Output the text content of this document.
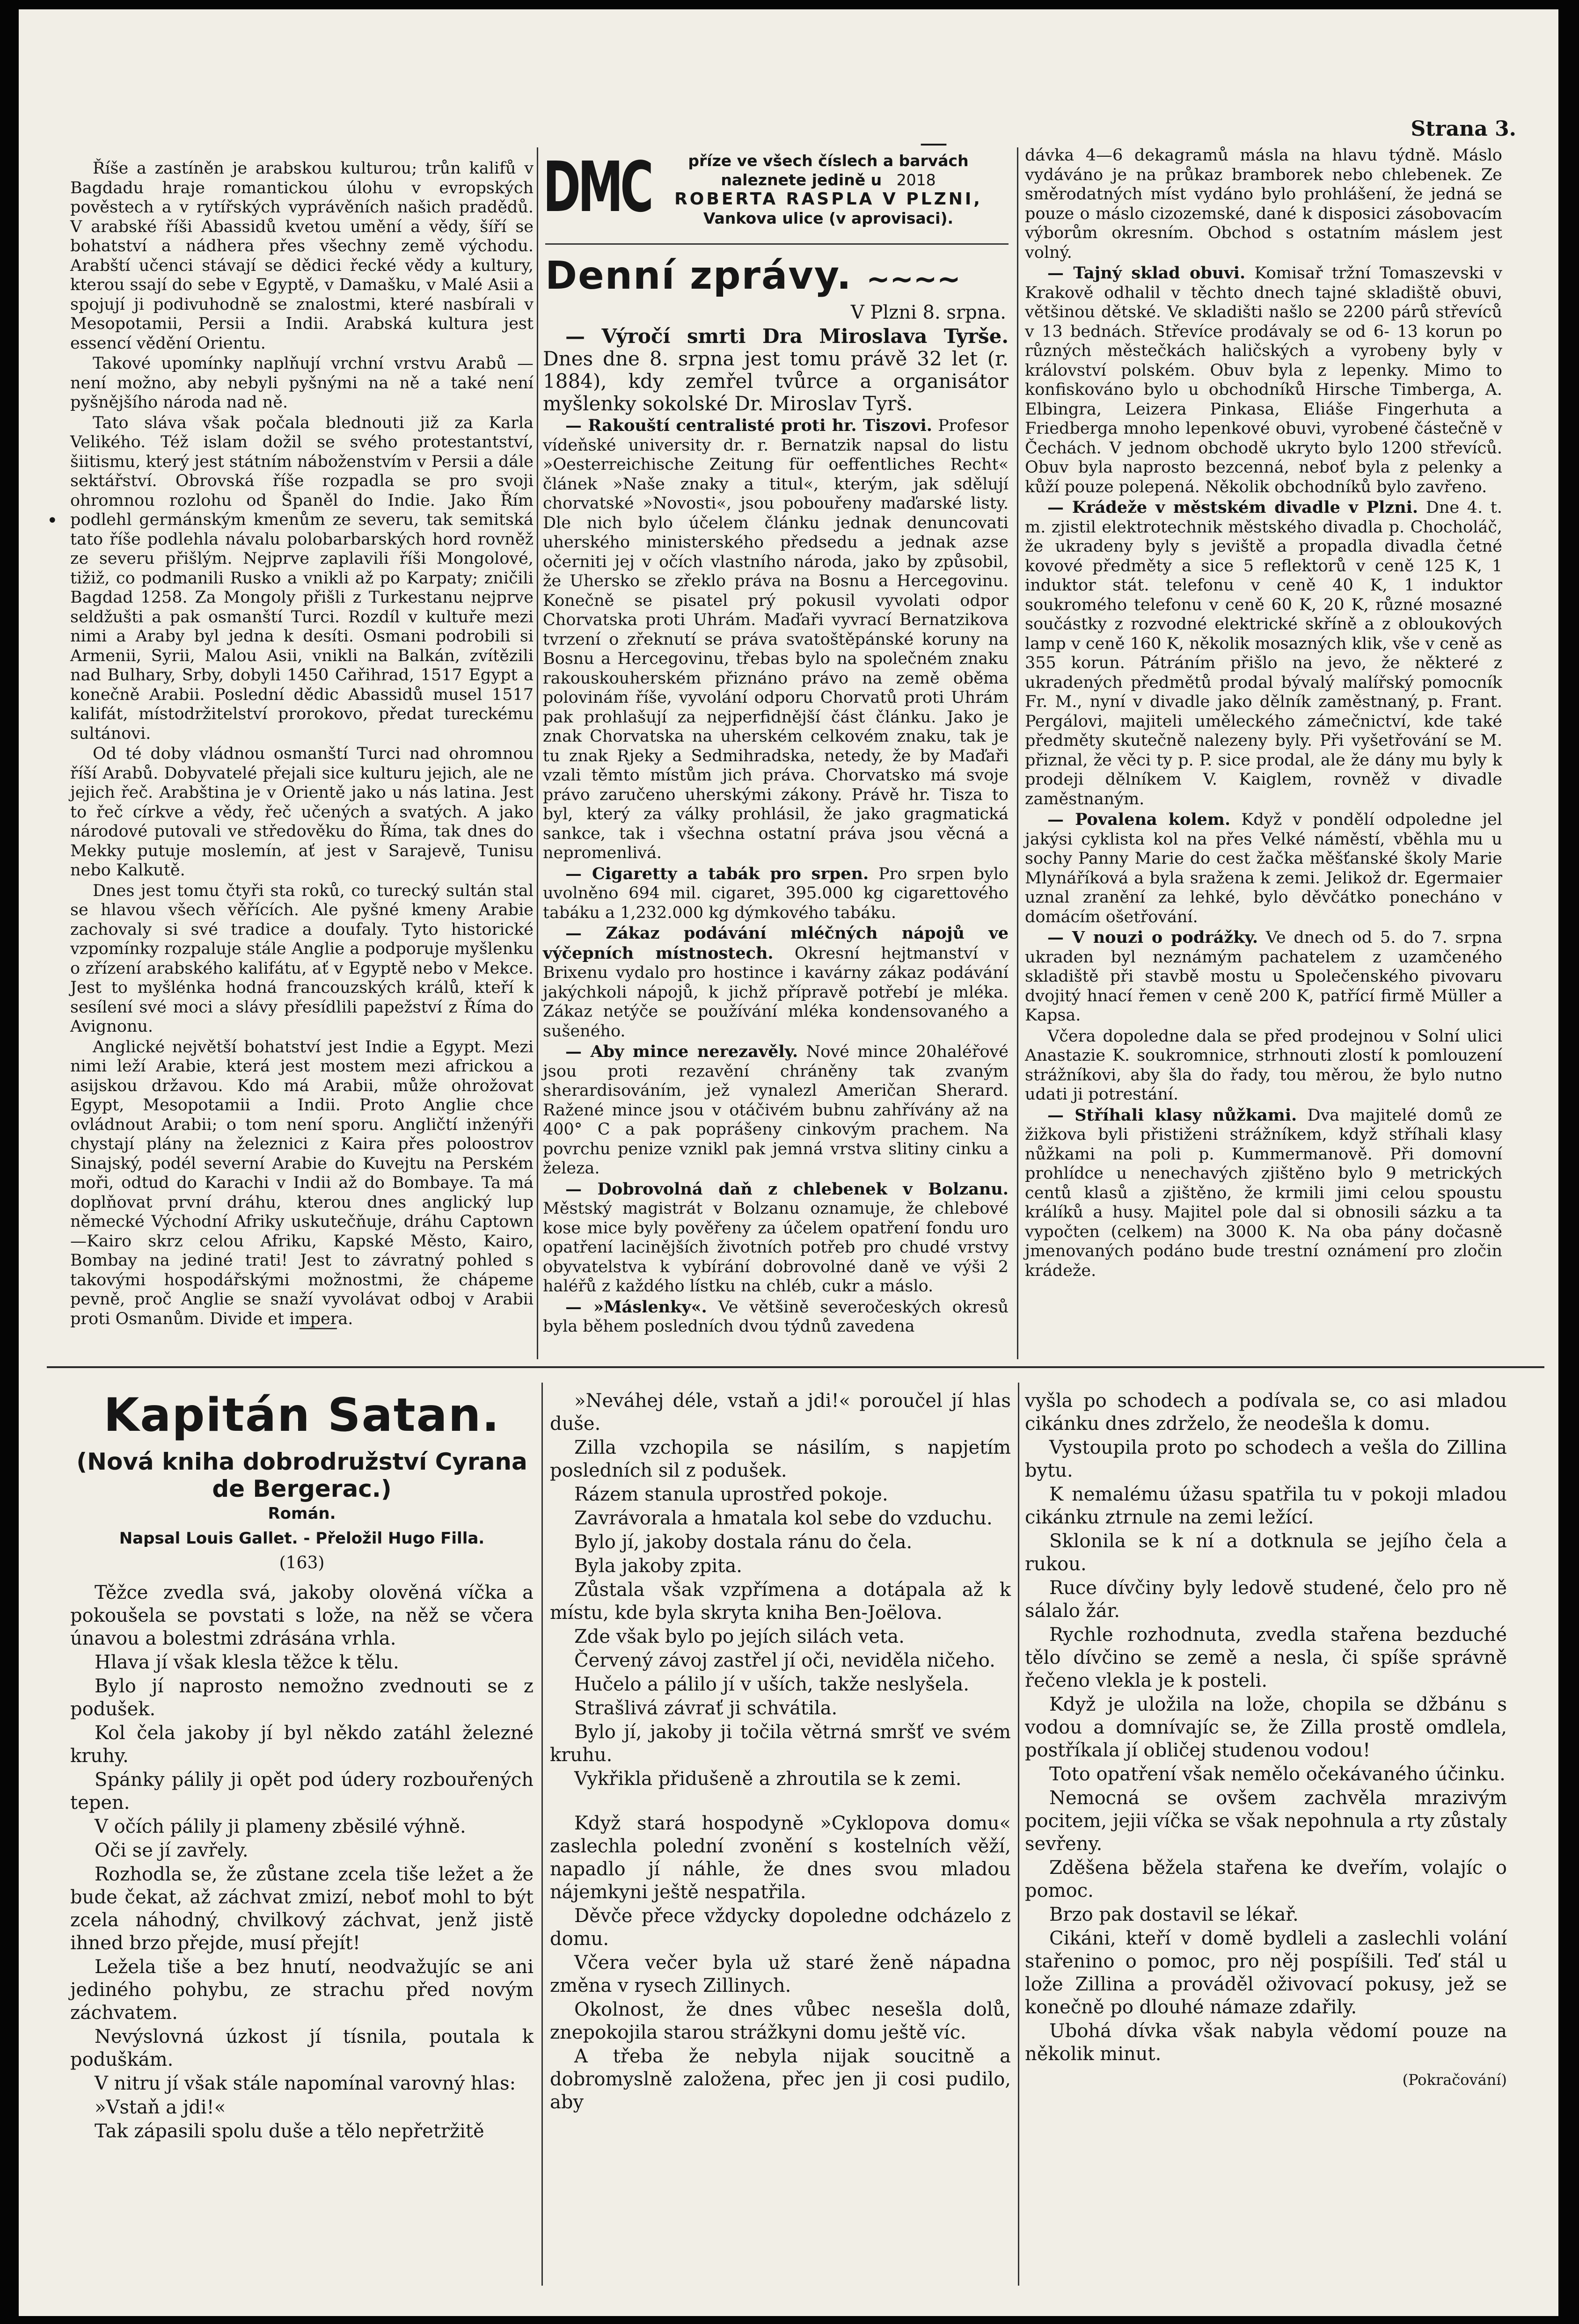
Strana 3.

Říše a zastíněn je arabskou kulturou; trůn kalifů v Bagdadu hraje romantickou úlohu v evropských pověstech a v rytířských vyprávěních našich pradědů. V arabské říši Abassidů kvetou umění a vědy, šíří se bohatství a nádhera přes všechny země východu. Arabští učenci stávají se dědici řecké vědy a kultury, kterou ssají do sebe v Egyptě, v Damašku, v Malé Asii a spojují ji podivuhodně se znalostmi, které nasbírali v Mesopotamii, Persii a Indii. Arabská kultura jest essencí vědění Orientu.

Takové upomínky naplňují vrchní vrstvu Arabů — není možno, aby nebyli pyšnými na ně a také není pyšnějšího národa nad ně.

Tato sláva však počala blednouti již za Karla Velikého. Též islam dožil se svého protestantství, šiitismu, který jest státním náboženstvím v Persii a dále sektářství. Obrovská říše rozpadla se pro svoji ohromnou rozlohu od Španěl do Indie. Jako Řím podlehl germánským kmenům ze severu, tak semitská tato říše podlehla návalu polobarbarských hord rovněž ze severu přišlým. Nejprve zaplavili říši Mongolové, tižiž, co podmanili Rusko a vnikli až po Karpaty; zničili Bagdad 1258. Za Mongoly přišli z Turkestanu nejprve seldžušti a pak osmanští Turci. Rozdíl v kultuře mezi nimi a Araby byl jedna k desíti. Osmani podrobili si Armenii, Syrii, Malou Asii, vnikli na Balkán, zvítězili nad Bulhary, Srby, dobyli 1450 Cařihrad, 1517 Egypt a konečně Arabii. Poslední dědic Abassidů musel 1517 kalifát, místodržitelství prorokovo, předat tureckému sultánovi.

Od té doby vládnou osmanští Turci nad ohromnou říší Arabů. Dobyvatelé přejali sice kulturu jejich, ale ne jejich řeč. Arabština je v Orientě jako u nás latina. Jest to řeč církve a vědy, řeč učených a svatých. A jako národové putovali ve středověku do Říma, tak dnes do Mekky putuje moslemín, ať jest v Sarajevě, Tunisu nebo Kalkutě.

Dnes jest tomu čtyři sta roků, co turecký sultán stal se hlavou všech věřících. Ale pyšné kmeny Arabie zachovaly si své tradice a doufaly. Tyto historické vzpomínky rozpaluje stále Anglie a podporuje myšlenku o zřízení arabského kalifátu, ať v Egyptě nebo v Mekce. Jest to myšlénka hodná francouzských králů, kteří k sesílení své moci a slávy přesídlili papežství z Říma do Avignonu.

Anglické největší bohatství jest Indie a Egypt. Mezi nimi leží Arabie, která jest mostem mezi africkou a asijskou državou. Kdo má Arabii, může ohrožovat Egypt, Mesopotamii a Indii. Proto Anglie chce ovládnout Arabii; o tom není sporu. Angličtí inženýři chystají plány na železnici z Kaira přes poloostrov Sinajský, podél severní Arabie do Kuvejtu na Perském moři, odtud do Karachi v Indii až do Bombaye. Ta má doplňovat první dráhu, kterou dnes anglický lup německé Východní Afriky uskutečňuje, dráhu Captown—Kairo skrz celou Afriku, Kapské Město, Kairo, Bombay na jediné trati! Jest to závratný pohled s takovými hospodářskými možnostmi, že chápeme pevně, proč Anglie se snaží vyvolávat odboj v Arabii proti Osmanům. Divide et impera.

DMC	příze ve všech číslech a barvách
naleznete jedině u 2018
ROBERTA RASPLA V PLZNI,
Vankova ulice (v aprovisaci).
Denní zprávy. ~~~~
V Plzni 8. srpna.

— Výročí smrti Dra Miroslava Tyrše. Dnes dne 8. srpna jest tomu právě 32 let (r. 1884), kdy zemřel tvůrce a organisátor myšlenky sokolské Dr. Miroslav Tyrš.

— Rakouští centralisté proti hr. Tiszovi. Profesor vídeňské university dr. r. Bernatzik napsal do listu »Oesterreichische Zeitung für oeffentliches Recht« článek »Naše znaky a titul«, kterým, jak sdělují chorvatské »Novosti«, jsou pobouřeny maďarské listy. Dle nich bylo účelem článku jednak denuncovati uherského ministerského předsedu a jednak azse očerniti jej v očích vlastního národa, jako by způsobil, že Uhersko se zřeklo práva na Bosnu a Hercegovinu. Konečně se pisatel prý pokusil vyvolati odpor Chorvatska proti Uhrám. Maďaři vyvrací Bernatzikova tvrzení o zřeknutí se práva svatoštěpánské koruny na Bosnu a Hercegovinu, třebas bylo na společném znaku rakouskouherském přiznáno právo na země oběma polovinám říše, vyvolání odporu Chorvatů proti Uhrám pak prohlašují za nejperfidnější část článku. Jako je znak Chorvatska na uherském celkovém znaku, tak je tu znak Rjeky a Sedmihradska, netedy, že by Maďaři vzali těmto místům jich práva. Chorvatsko má svoje právo zaručeno uherskými zákony. Právě hr. Tisza to byl, který za války prohlásil, že jako gragmatická sankce, tak i všechna ostatní práva jsou věcná a nepromenlivá.

— Cigaretty a tabák pro srpen. Pro srpen bylo uvolněno 694 mil. cigaret, 395.000 kg cigarettového tabáku a 1,232.000 kg dýmkového tabáku.

— Zákaz podávání mléčných nápojů ve výčepních místnostech. Okresní hejtmanství v Brixenu vydalo pro hostince i kavárny zákaz podávání jakýchkoli nápojů, k jichž přípravě potřebí je mléka. Zákaz netýče se používání mléka kondensovaného a sušeného.

— Aby mince nerezavěly. Nové mince 20haléřové jsou proti rezavění chráněny tak zvaným sherardisováním, jež vynalezl Američan Sherard. Ražené mince jsou v otáčivém bubnu zahřívány až na 400° C a pak poprášeny cinkovým prachem. Na povrchu penize vznikl pak jemná vrstva slitiny cinku a železa.

— Dobrovolná daň z chlebenek v Bolzanu. Městský magistrát v Bolzanu oznamuje, že chlebové kose mice byly pověřeny za účelem opatření fondu uro opatření lacinějších životních potřeb pro chudé vrstvy obyvatelstva k vybírání dobrovolné daně ve výši 2 haléřů z každého lístku na chléb, cukr a máslo.

— »Máslenky«. Ve většině severočeských okresů byla během posledních dvou týdnů zavedena

dávka 4—6 dekagramů másla na hlavu týdně. Máslo vydáváno je na průkaz bramborek nebo chlebenek. Ze směrodatných míst vydáno bylo prohlášení, že jedná se pouze o máslo cizozemské, dané k disposici zásobovacím výborům okresním. Obchod s ostatním máslem jest volný.

— Tajný sklad obuvi. Komisař tržní Tomaszevski v Krakově odhalil v těchto dnech tajné skladiště obuvi, většinou dětské. Ve skladišti našlo se 2200 párů střevíců v 13 bednách. Střevíce prodávaly se od 6- 13 korun po různých městečkách haličských a vyrobeny byly v království polském. Obuv byla z lepenky. Mimo to konfiskováno bylo u obchodníků Hirsche Timberga, A. Elbingra, Leizera Pinkasa, Eliáše Fingerhuta a Friedberga mnoho lepenkové obuvi, vyrobené částečně v Čechách. V jednom obchodě ukryto bylo 1200 střevíců. Obuv byla naprosto bezcenná, neboť byla z pelenky a kůží pouze polepená. Několik obchodníků bylo zavřeno.

— Krádeže v městském divadle v Plzni. Dne 4. t. m. zjistil elektrotechnik městského divadla p. Chocholáč, že ukradeny byly s jeviště a propadla divadla četné kovové předměty a sice 5 reflektorů v ceně 125 K, 1 induktor stát. telefonu v ceně 40 K, 1 induktor soukromého telefonu v ceně 60 K, 20 K, různé mosazné součástky z rozvodné elektrické skříně a z obloukových lamp v ceně 160 K, několik mosazných klik, vše v ceně as 355 korun. Pátráním přišlo na jevo, že některé z ukradených předmětů prodal bývalý malířský pomocník Fr. M., nyní v divadle jako dělník zaměstnaný, p. Frant. Pergálovi, majiteli uměleckého zámečnictví, kde také předměty skutečně nalezeny byly. Při vyšetřování se M. přiznal, že věci ty p. P. sice prodal, ale že dány mu byly k prodeji dělníkem V. Kaiglem, rovněž v divadle zaměstnaným.

— Povalena kolem. Když v pondělí odpoledne jel jakýsi cyklista kol na přes Velké náměstí, vběhla mu u sochy Panny Marie do cest žačka měšťanské školy Marie Mlynáříková a byla sražena k zemi. Jelikož dr. Egermaier uznal zranění za lehké, bylo děvčátko ponecháno v domácím ošetřování.

— V nouzi o podrážky. Ve dnech od 5. do 7. srpna ukraden byl neznámým pachatelem z uzamčeného skladiště při stavbě mostu u Společenského pivovaru dvojitý hnací řemen v ceně 200 K, patřící firmě Müller a Kapsa.

Včera dopoledne dala se před prodejnou v Solní ulici Anastazie K. soukromnice, strhnouti zlostí k pomlouzení strážníkovi, aby šla do řady, tou měrou, že bylo nutno udati ji potrestání.

— Stříhali klasy nůžkami. Dva majitelé domů ze žižkova byli přistiženi strážníkem, když stříhali klasy nůžkami na poli p. Kummermanově. Při domovní prohlídce u nenechavých zjištěno bylo 9 metrických centů klasů a zjištěno, že krmili jimi celou spoustu králíků a husy. Majitel pole dal si obnosili sázku a ta vypočten (celkem) na 3000 K. Na oba pány dočasně jmenovaných podáno bude trestní oznámení pro zločin krádeže.

Kapitán Satan.
(Nová kniha dobrodružství Cyrana de Bergerac.)
Román.
Napsal Louis Gallet. - Přeložil Hugo Filla.
(163)

Těžce zvedla svá, jakoby olověná víčka a pokoušela se povstati s lože, na něž se včera únavou a bolestmi zdrásána vrhla.

Hlava jí však klesla těžce k tělu.

Bylo jí naprosto nemožno zvednouti se z podušek.

Kol čela jakoby jí byl někdo zatáhl železné kruhy.

Spánky pálily ji opět pod údery rozbouřených tepen.

V očích pálily ji plameny zběsilé výhně.

Oči se jí zavřely.

Rozhodla se, že zůstane zcela tiše ležet a že bude čekat, až záchvat zmizí, neboť mohl to být zcela náhodný, chvilkový záchvat, jenž jistě ihned brzo přejde, musí přejít!

Ležela tiše a bez hnutí, neodvažujíc se ani jediného pohybu, ze strachu před novým záchvatem.

Nevýslovná úzkost jí tísnila, poutala k poduškám.

V nitru jí však stále napomínal varovný hlas:

»Vstaň a jdi!«

Tak zápasili spolu duše a tělo nepřetržitě

»Neváhej déle, vstaň a jdi!« poroučel jí hlas duše.

Zilla vzchopila se násilím, s napjetím posledních sil z podušek.

Rázem stanula uprostřed pokoje.

Zavrávorala a hmatala kol sebe do vzduchu.

Bylo jí, jakoby dostala ránu do čela.

Byla jakoby zpita.

Zůstala však vzpřímena a dotápala až k místu, kde byla skryta kniha Ben-Joëlova.

Zde však bylo po jejích silách veta.

Červený závoj zastřel jí oči, neviděla ničeho.

Hučelo a pálilo jí v uších, takže neslyšela.

Strašlivá závrať ji schvátila.

Bylo jí, jakoby ji točila větrná smršť ve svém kruhu.

Vykřikla přidušeně a zhroutila se k zemi.

Když stará hospodyně »Cyklopova domu« zaslechla polední zvonění s kostelních věží, napadlo jí náhle, že dnes svou mladou nájemkyni ještě nespatřila.

Děvče přece vždycky dopoledne odcházelo z domu.

Včera večer byla už staré ženě nápadna změna v rysech Zillinych.

Okolnost, že dnes vůbec nesešla dolů, znepokojila starou strážkyni domu ještě víc.

A třeba že nebyla nijak soucitně a dobromyslně založena, přec jen ji cosi pudilo, aby

vyšla po schodech a podívala se, co asi mladou cikánku dnes zdrželo, že neodešla k domu.

Vystoupila proto po schodech a vešla do Zillina bytu.

K nemalému úžasu spatřila tu v pokoji mladou cikánku ztrnule na zemi ležící.

Sklonila se k ní a dotknula se jejího čela a rukou.

Ruce dívčiny byly ledově studené, čelo pro ně sálalo žár.

Rychle rozhodnuta, zvedla stařena bezduché tělo dívčino se země a nesla, či spíše správně řečeno vlekla je k posteli.

Když je uložila na lože, chopila se džbánu s vodou a domnívajíc se, že Zilla prostě omdlela, postříkala jí obličej studenou vodou!

Toto opatření však nemělo očekávaného účinku.

Nemocná se ovšem zachvěla mrazivým pocitem, jejii víčka se však nepohnula a rty zůstaly sevřeny.

Zděšena běžela stařena ke dveřím, volajíc o pomoc.

Brzo pak dostavil se lékař.

Cikáni, kteří v domě bydleli a zaslechli volání stařenino o pomoc, pro něj pospíšili. Teď stál u lože Zillina a prováděl oživovací pokusy, jež se konečně po dlouhé námaze zdařily.

Ubohá dívka však nabyla vědomí pouze na několik minut.

(Pokračování)
•
—
